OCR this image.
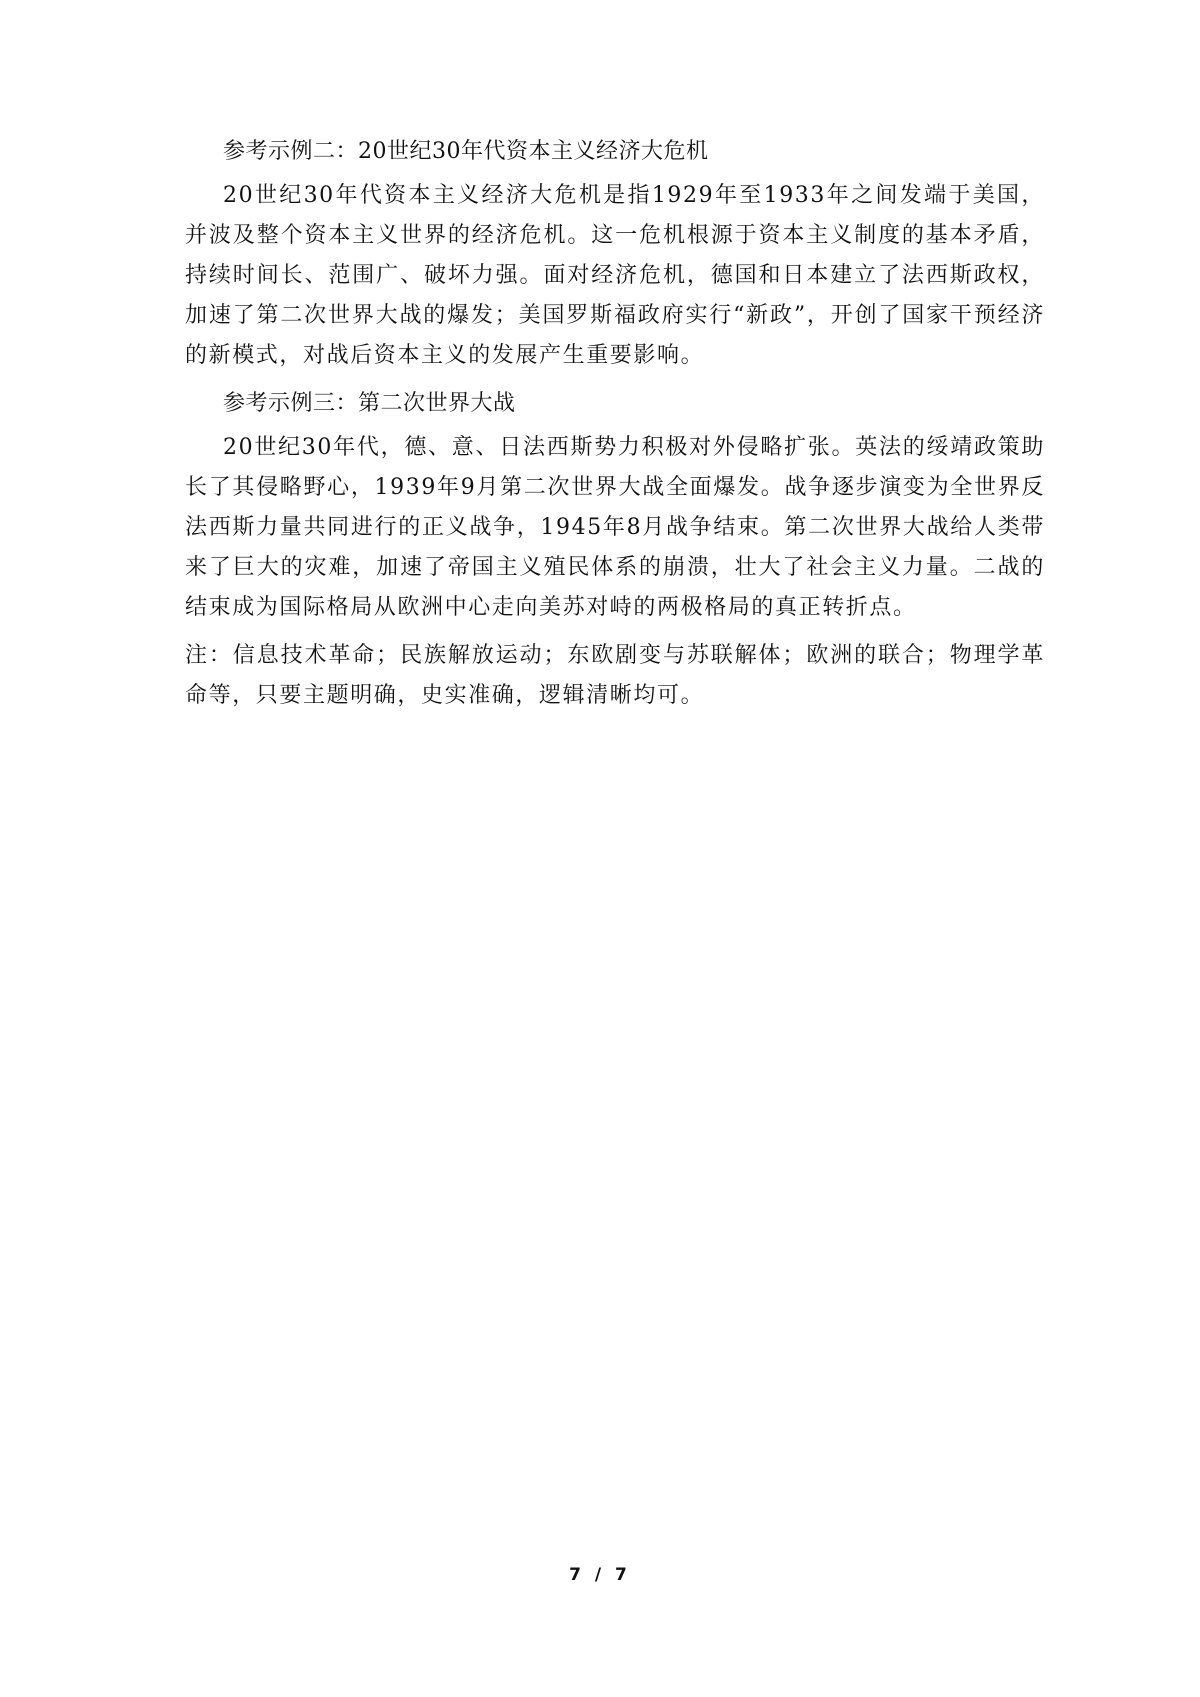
参考示例二：20世纪30年代资本主义经济大危机

20世纪30年代资本主义经济大危机是指1929年至1933年之间发端于美国，并波及整个资本主义世界的经济危机。这一危机根源于资本主义制度的基本矛盾，持续时间长、范围广、破坏力强。面对经济危机，德国和日本建立了法西斯政权，加速了第二次世界大战的爆发；美国罗斯福政府实行“新政”，开创了国家干预经济的新模式，对战后资本主义的发展产生重要影响。

参考示例三：第二次世界大战

20世纪30年代，德、意、日法西斯势力积极对外侵略扩张。英法的绥靖政策助长了其侵略野心，1939年9月第二次世界大战全面爆发。战争逐步演变为全世界反法西斯力量共同进行的正义战争，1945年8月战争结束。第二次世界大战给人类带来了巨大的灾难，加速了帝国主义殖民体系的崩溃，壮大了社会主义力量。二战的结束成为国际格局从欧洲中心走向美苏对峙的两极格局的真正转折点。

注：信息技术革命；民族解放运动；东欧剧变与苏联解体；欧洲的联合；物理学革命等，只要主题明确，史实准确，逻辑清晰均可。

7 / 7
